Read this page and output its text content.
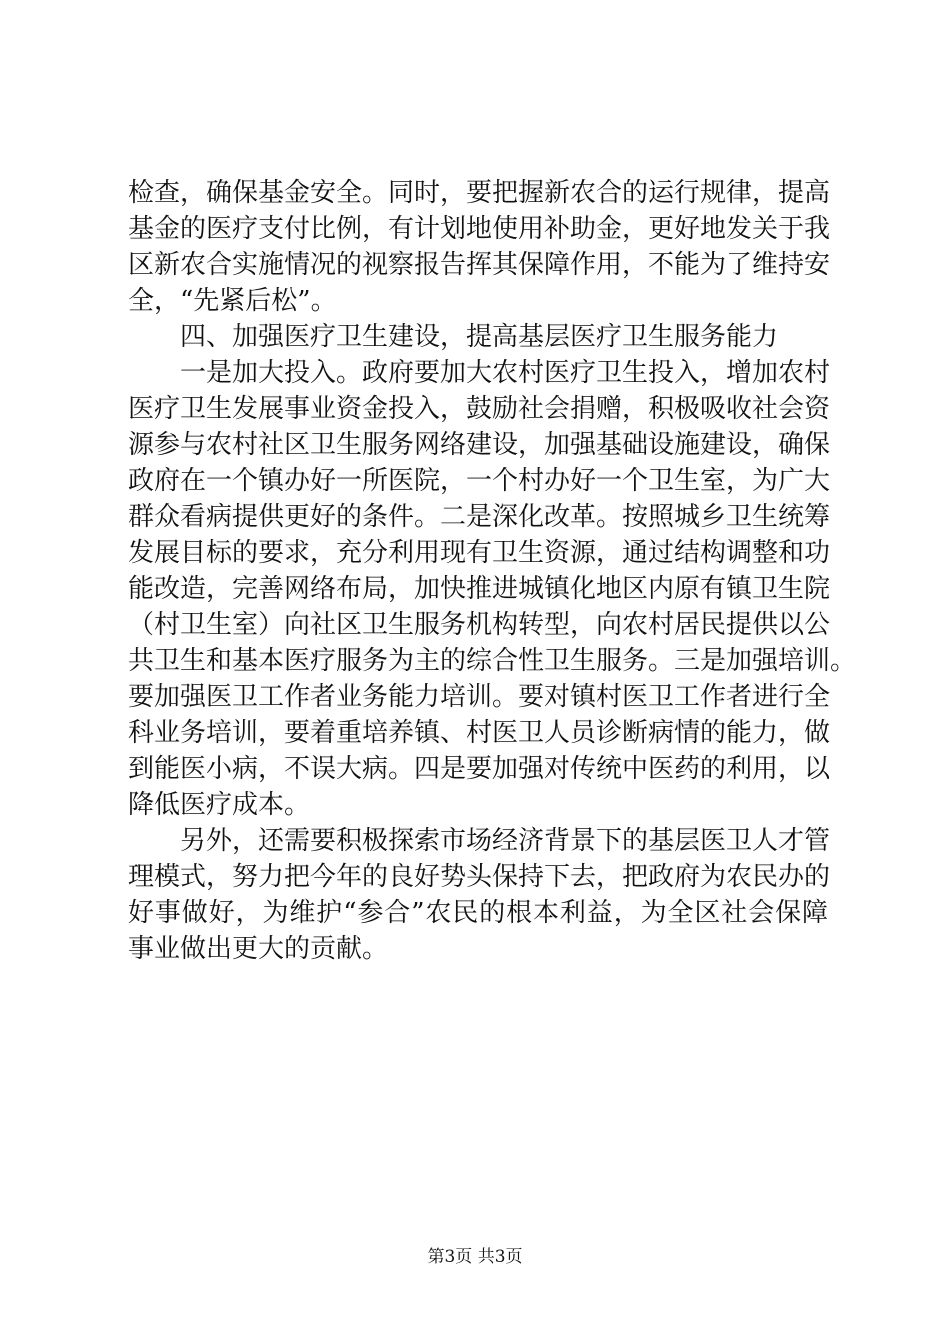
检查，确保基金安全。同时，要把握新农合的运行规律，提高
基金的医疗支付比例，有计划地使用补助金，更好地发关于我
区新农合实施情况的视察报告挥其保障作用，不能为了维持安
全，“先紧后松”。
　　四、加强医疗卫生建设，提高基层医疗卫生服务能力
　　一是加大投入。政府要加大农村医疗卫生投入，增加农村
医疗卫生发展事业资金投入，鼓励社会捐赠，积极吸收社会资
源参与农村社区卫生服务网络建设，加强基础设施建设，确保
政府在一个镇办好一所医院，一个村办好一个卫生室，为广大
群众看病提供更好的条件。二是深化改革。按照城乡卫生统筹
发展目标的要求，充分利用现有卫生资源，通过结构调整和功
能改造，完善网络布局，加快推进城镇化地区内原有镇卫生院
（村卫生室）向社区卫生服务机构转型，向农村居民提供以公
共卫生和基本医疗服务为主的综合性卫生服务。三是加强培训。
要加强医卫工作者业务能力培训。要对镇村医卫工作者进行全
科业务培训，要着重培养镇、村医卫人员诊断病情的能力，做
到能医小病，不误大病。四是要加强对传统中医药的利用，以
降低医疗成本。
　　另外，还需要积极探索市场经济背景下的基层医卫人才管
理模式，努力把今年的良好势头保持下去，把政府为农民办的
好事做好，为维护“参合”农民的根本利益，为全区社会保障
事业做出更大的贡献。
第3页 共3页
